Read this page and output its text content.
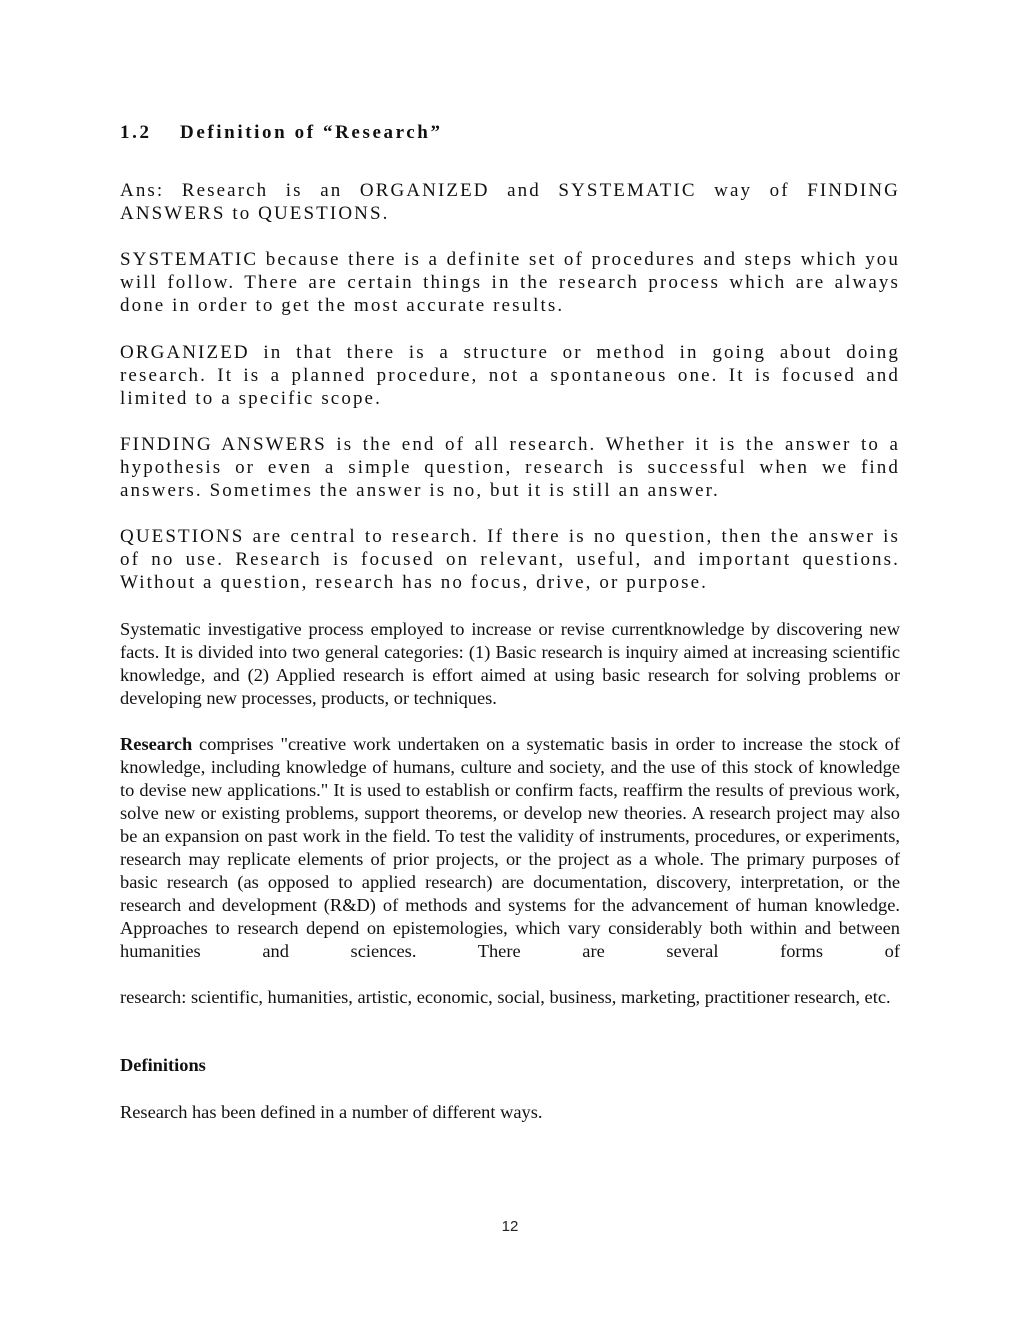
1.2 Definition of “Research”

Ans: Research is an ORGANIZED and SYSTEMATIC way of FINDING ANSWERS to QUESTIONS.

SYSTEMATIC because there is a definite set of procedures and steps which you will follow. There are certain things in the research process which are always done in order to get the most accurate results.

ORGANIZED in that there is a structure or method in going about doing research. It is a planned procedure, not a spontaneous one. It is focused and limited to a specific scope.

FINDING ANSWERS is the end of all research. Whether it is the answer to a hypothesis or even a simple question, research is successful when we find answers. Sometimes the answer is no, but it is still an answer.

QUESTIONS are central to research. If there is no question, then the answer is of no use. Research is focused on relevant, useful, and important questions. Without a question, research has no focus, drive, or purpose.

Systematic investigative process employed to increase or revise currentknowledge by discovering new facts. It is divided into two general categories: (1) Basic research is inquiry aimed at increasing scientific knowledge, and (2) Applied research is effort aimed at using basic research for solving problems or developing new processes, products, or techniques.

Research comprises "creative work undertaken on a systematic basis in order to increase the stock of knowledge, including knowledge of humans, culture and society, and the use of this stock of knowledge to devise new applications." It is used to establish or confirm facts, reaffirm the results of previous work, solve new or existing problems, support theorems, or develop new theories. A research project may also be an expansion on past work in the field. To test the validity of instruments, procedures, or experiments, research may replicate elements of prior projects, or the project as a whole. The primary purposes of basic research (as opposed to applied research) are documentation, discovery, interpretation, or the research and development (R&D) of methods and systems for the advancement of human knowledge. Approaches to research depend on epistemologies, which vary considerably both within and between humanities and sciences. There are several forms of
research: scientific, humanities, artistic, economic, social, business, marketing, practitioner research, etc.
Definitions

Research has been defined in a number of different ways.

12
